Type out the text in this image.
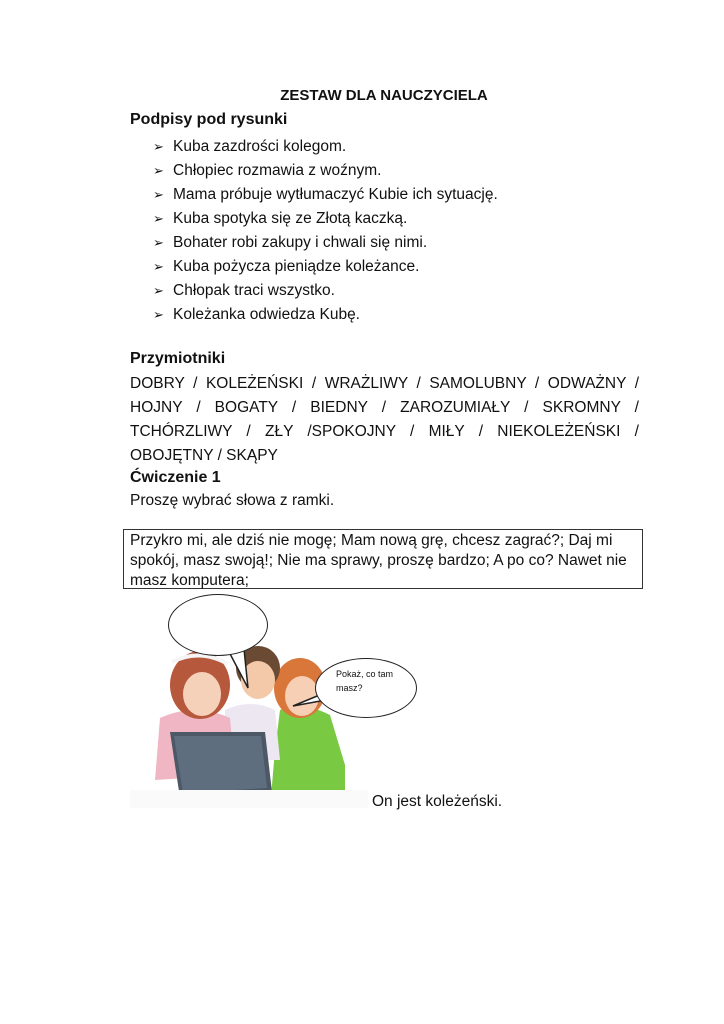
ZESTAW DLA NAUCZYCIELA
Podpisy pod rysunki
➢ Kuba zazdrości kolegom.
➢ Chłopiec rozmawia z woźnym.
➢ Mama próbuje wytłumaczyć Kubie ich sytuację.
➢ Kuba spotyka się ze Złotą kaczką.
➢ Bohater robi zakupy i chwali się nimi.
➢ Kuba pożycza pieniądze koleżance.
➢ Chłopak traci wszystko.
➢ Koleżanka odwiedza Kubę.
Przymiotniki
DOBRY / KOLEŻEŃSKI / WRAŻLIWY / SAMOLUBNY / ODWAŻNY / HOJNY / BOGATY / BIEDNY / ZAROZUMIAŁY / SKROMNY / TCHÓRZLIWY / ZŁY /SPOKOJNY / MIŁY / NIEKOLEŻEŃSKI / OBOJĘTNY / SKĄPY
Ćwiczenie 1
Proszę wybrać słowa z ramki.
Przykro mi, ale dziś nie mogę; Mam nową grę, chcesz zagrać?; Daj mi spokój, masz swoją!; Nie ma sprawy, proszę bardzo; A po co? Nawet nie masz komputera;
Pokaż, co tam masz?
On jest koleżeński.
